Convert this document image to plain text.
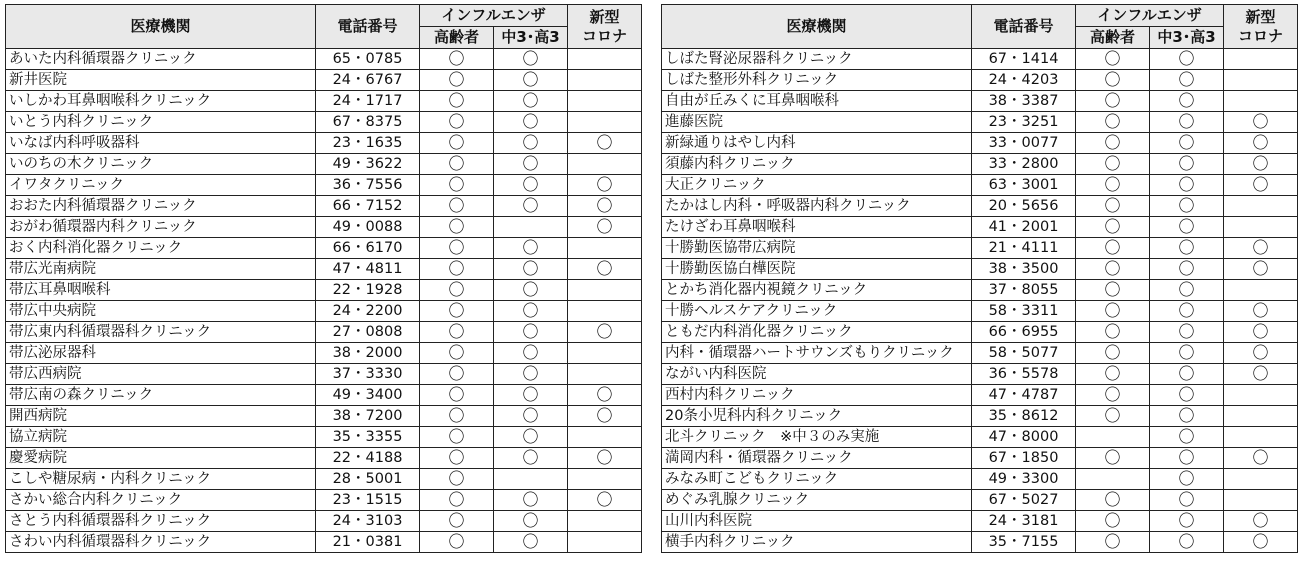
医療機関	電話番号	インフルエンザ		新型
コロナ
		高齢者	中3･高3	
あいた内科循環器クリニック	65・0785	〇	〇	
新井医院	24・6767	〇	〇	
いしかわ耳鼻咽喉科クリニック	24・1717	〇	〇	
いとう内科クリニック	67・8375	〇	〇	
いなば内科呼吸器科	23・1635	〇	〇	〇
いのちの木クリニック	49・3622	〇	〇	
イワタクリニック	36・7556	〇	〇	〇
おおた内科循環器クリニック	66・7152	〇	〇	〇
おがわ循環器内科クリニック	49・0088	〇		〇
おく内科消化器クリニック	66・6170	〇	〇	
帯広光南病院	47・4811	〇	〇	〇
帯広耳鼻咽喉科	22・1928	〇	〇	
帯広中央病院	24・2200	〇	〇	
帯広東内科循環器科クリニック	27・0808	〇	〇	〇
帯広泌尿器科	38・2000	〇	〇	
帯広西病院	37・3330	〇	〇	
帯広南の森クリニック	49・3400	〇	〇	〇
開西病院	38・7200	〇	〇	〇
協立病院	35・3355	〇	〇	
慶愛病院	22・4188	〇	〇	〇
こしや糖尿病・内科クリニック	28・5001	〇		
さかい総合内科クリニック	23・1515	〇	〇	〇
さとう内科循環器科クリニック	24・3103	〇	〇	
さわい内科循環器科クリニック	21・0381	〇	〇	
医療機関	電話番号	インフルエンザ		新型
コロナ
		高齢者	中3･高3	
しばた腎泌尿器科クリニック	67・1414	〇	〇	
しばた整形外科クリニック	24・4203	〇	〇	
自由が丘みくに耳鼻咽喉科	38・3387	〇	〇	
進藤医院	23・3251	〇	〇	〇
新緑通りはやし内科	33・0077	〇	〇	〇
須藤内科クリニック	33・2800	〇	〇	〇
大正クリニック	63・3001	〇	〇	〇
たかはし内科・呼吸器内科クリニック	20・5656	〇	〇	
たけざわ耳鼻咽喉科	41・2001	〇	〇	
十勝勤医協帯広病院	21・4111	〇	〇	〇
十勝勤医協白樺医院	38・3500	〇	〇	〇
とかち消化器内視鏡クリニック	37・8055	〇	〇	
十勝ヘルスケアクリニック	58・3311	〇	〇	〇
ともだ内科消化器クリニック	66・6955	〇	〇	〇
内科・循環器ハートサウンズもりクリニック	58・5077	〇	〇	〇
ながい内科医院	36・5578	〇	〇	〇
西村内科クリニック	47・4787	〇	〇	
20条小児科内科クリニック	35・8612	〇	〇	
北斗クリニック　※中３のみ実施	47・8000		〇	
満岡内科・循環器クリニック	67・1850	〇	〇	〇
みなみ町こどもクリニック	49・3300		〇	
めぐみ乳腺クリニック	67・5027	〇	〇	
山川内科医院	24・3181	〇	〇	〇
横手内科クリニック	35・7155	〇	〇	〇
